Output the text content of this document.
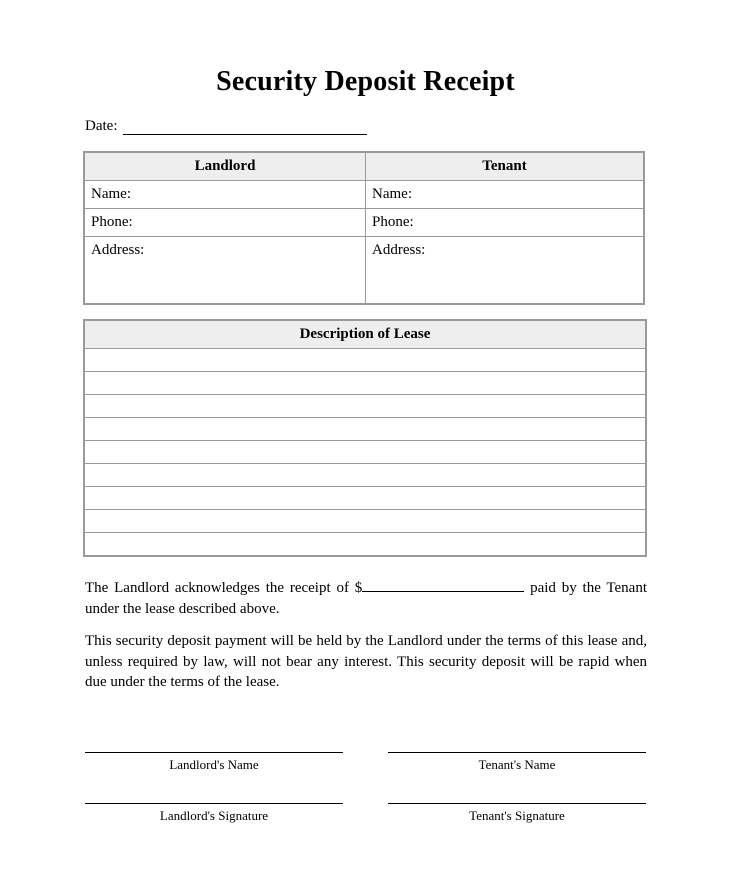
Security Deposit Receipt
Date:
Landlord	Tenant
Name:	Name:
Phone:	Phone:
Address:	Address:
Description of Lease

The Landlord acknowledges the receipt of $	paid by the Tenant under the lease described above.
This security deposit payment will be held by the Landlord under the terms of this lease and, unless required by law, will not bear any interest. This security deposit will be rapid when due under the terms of the lease.
Landlord's Name	Tenant's Name
Landlord's Signature	Tenant's Signature
